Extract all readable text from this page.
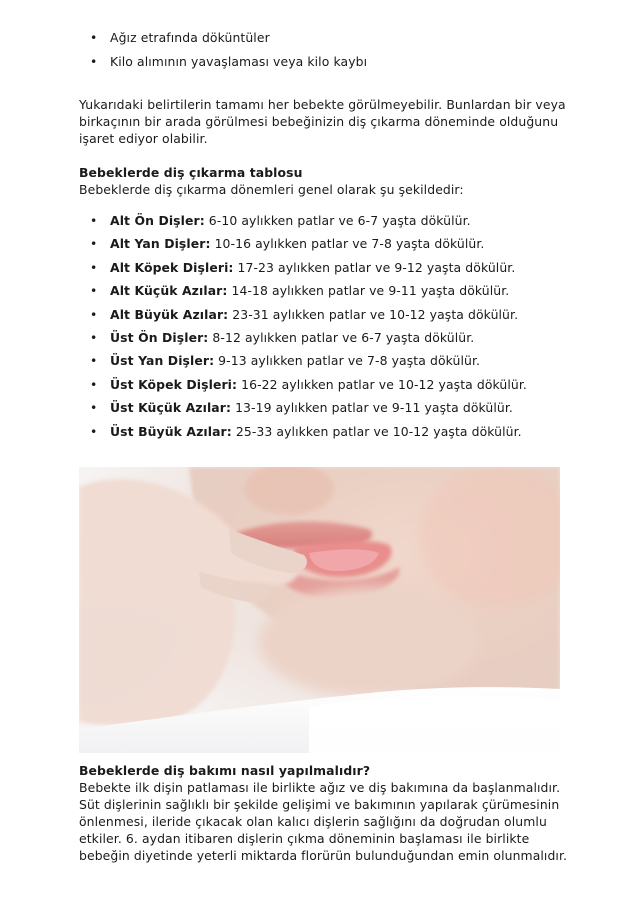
• Ağız etrafında döküntüler
• Kilo alımının yavaşlaması veya kilo kaybı

Yukarıdaki belirtilerin tamamı her bebekte görülmeyebilir. Bunlardan bir veya birkaçının bir arada görülmesi bebeğinizin diş çıkarma döneminde olduğunu işaret ediyor olabilir.

Bebeklerde diş çıkarma tablosu
Bebeklerde diş çıkarma dönemleri genel olarak şu şekildedir:
• Alt Ön Dişler: 6-10 aylıkken patlar ve 6-7 yaşta dökülür.
• Alt Yan Dişler: 10-16 aylıkken patlar ve 7-8 yaşta dökülür.
• Alt Köpek Dişleri: 17-23 aylıkken patlar ve 9-12 yaşta dökülür.
• Alt Küçük Azılar: 14-18 aylıkken patlar ve 9-11 yaşta dökülür.
• Alt Büyük Azılar: 23-31 aylıkken patlar ve 10-12 yaşta dökülür.
• Üst Ön Dişler: 8-12 aylıkken patlar ve 6-7 yaşta dökülür.
• Üst Yan Dişler: 9-13 aylıkken patlar ve 7-8 yaşta dökülür.
• Üst Köpek Dişleri: 16-22 aylıkken patlar ve 10-12 yaşta dökülür.
• Üst Küçük Azılar: 13-19 aylıkken patlar ve 9-11 yaşta dökülür.
• Üst Büyük Azılar: 25-33 aylıkken patlar ve 10-12 yaşta dökülür.
Bebeklerde diş bakımı nasıl yapılmalıdır?
Bebekte ilk dişin patlaması ile birlikte ağız ve diş bakımına da başlanmalıdır. Süt dişlerinin sağlıklı bir şekilde gelişimi ve bakımının yapılarak çürümesinin önlenmesi, ileride çıkacak olan kalıcı dişlerin sağlığını da doğrudan olumlu etkiler. 6. aydan itibaren dişlerin çıkma döneminin başlaması ile birlikte bebeğin diyetinde yeterli miktarda florürün bulunduğundan emin olunmalıdır.
